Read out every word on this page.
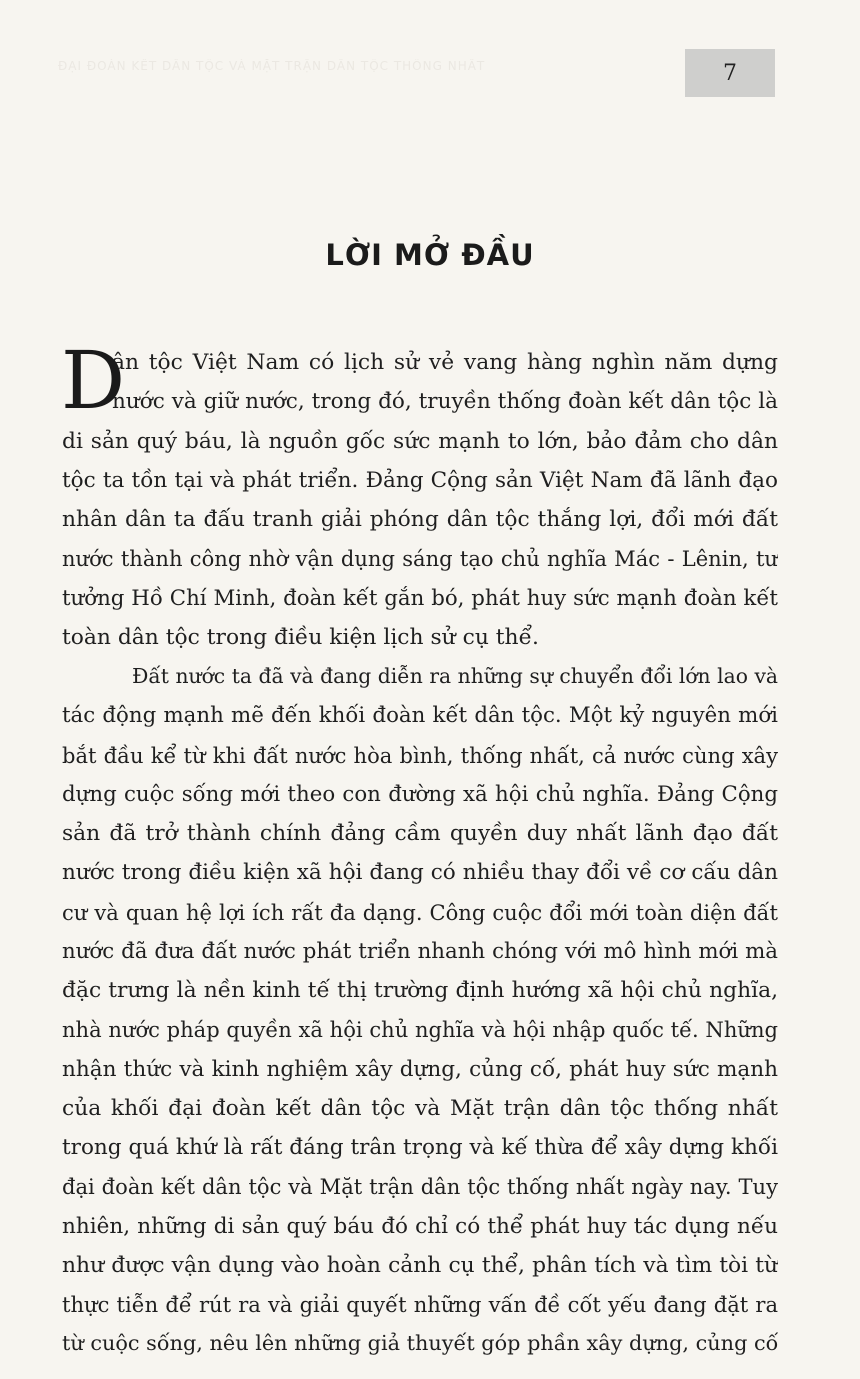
ĐẠI ĐOÀN KẾT DÂN TỘC VÀ MẶT TRẬN DÂN TỘC THỐNG NHẤT	7
LỜI MỞ ĐẦU
D
ân tộc Việt Nam có lịch sử vẻ vang hàng nghìn năm dựng
nước và giữ nước, trong đó, truyền thống đoàn kết dân tộc là
di sản quý báu, là nguồn gốc sức mạnh to lớn, bảo đảm cho dân
tộc ta tồn tại và phát triển. Đảng Cộng sản Việt Nam đã lãnh đạo
nhân dân ta đấu tranh giải phóng dân tộc thắng lợi, đổi mới đất
nước thành công nhờ vận dụng sáng tạo chủ nghĩa Mác - Lênin, tư
tưởng Hồ Chí Minh, đoàn kết gắn bó, phát huy sức mạnh đoàn kết
toàn dân tộc trong điều kiện lịch sử cụ thể.
Đất nước ta đã và đang diễn ra những sự chuyển đổi lớn lao và
tác động mạnh mẽ đến khối đoàn kết dân tộc. Một kỷ nguyên mới
bắt đầu kể từ khi đất nước hòa bình, thống nhất, cả nước cùng xây
dựng cuộc sống mới theo con đường xã hội chủ nghĩa. Đảng Cộng
sản đã trở thành chính đảng cầm quyền duy nhất lãnh đạo đất
nước trong điều kiện xã hội đang có nhiều thay đổi về cơ cấu dân
cư và quan hệ lợi ích rất đa dạng. Công cuộc đổi mới toàn diện đất
nước đã đưa đất nước phát triển nhanh chóng với mô hình mới mà
đặc trưng là nền kinh tế thị trường định hướng xã hội chủ nghĩa,
nhà nước pháp quyền xã hội chủ nghĩa và hội nhập quốc tế. Những
nhận thức và kinh nghiệm xây dựng, củng cố, phát huy sức mạnh
của khối đại đoàn kết dân tộc và Mặt trận dân tộc thống nhất
trong quá khứ là rất đáng trân trọng và kế thừa để xây dựng khối
đại đoàn kết dân tộc và Mặt trận dân tộc thống nhất ngày nay. Tuy
nhiên, những di sản quý báu đó chỉ có thể phát huy tác dụng nếu
như được vận dụng vào hoàn cảnh cụ thể, phân tích và tìm tòi từ
thực tiễn để rút ra và giải quyết những vấn đề cốt yếu đang đặt ra
từ cuộc sống, nêu lên những giả thuyết góp phần xây dựng, củng cố
